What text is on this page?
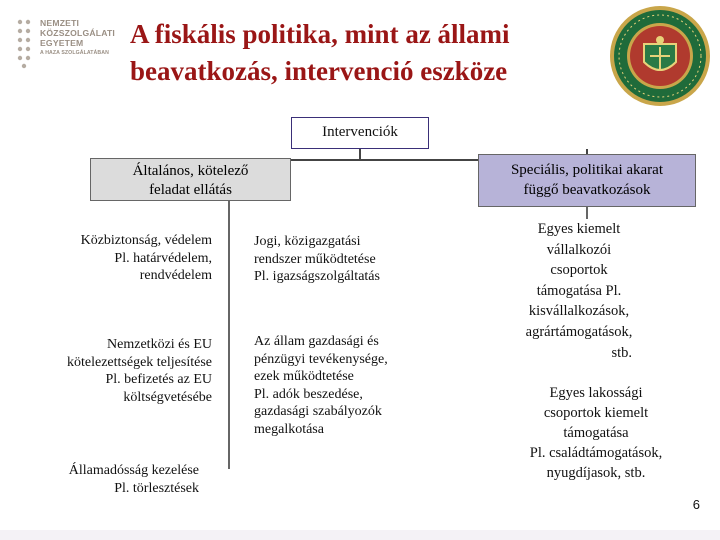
NEMZETI
KÖZSZOLGÁLATI
EGYETEM
A HAZA SZOLGÁLATÁBAN
A fiskális politika, mint az állami
beavatkozás, intervenció eszköze
Intervenciók
Általános, kötelező
feladat ellátás
Speciális, politikai akarat
függő beavatkozások
Közbiztonság, védelem
Pl. határvédelem,
rendvédelem
Nemzetközi és EU
kötelezettségek teljesítése
Pl. befizetés az EU
költségvetésébe
Államadósság kezelése
Pl. törlesztések
Jogi, közigazgatási
rendszer működtetése
Pl. igazságszolgáltatás
Az állam gazdasági és
pénzügyi tevékenysége,
ezek működtetése
Pl. adók beszedése,
gazdasági szabályozók
megalkotása
Egyes kiemelt
vállalkozói
csoportok
támogatása Pl.
kisvállalkozások,
agrártámogatások,
stb.
Egyes lakossági
csoportok kiemelt
támogatása
Pl. családtámogatások,
nyugdíjasok, stb.
6
